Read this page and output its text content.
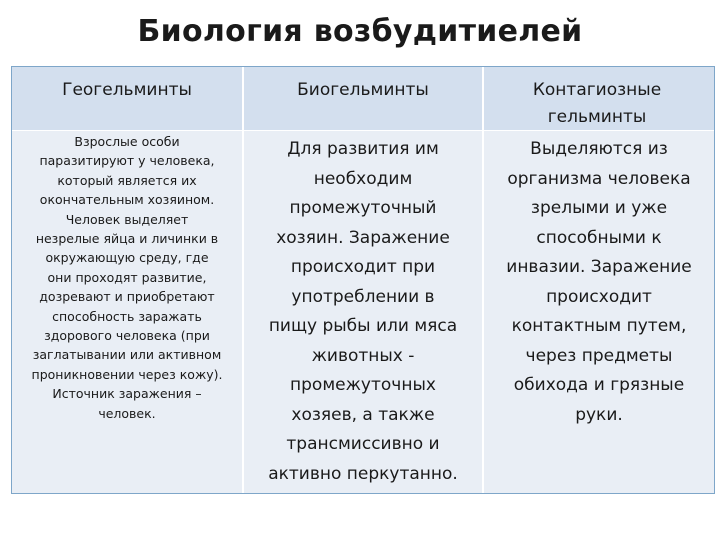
Биология возбудитиелей
Геогельминты	Биогельминты	Контагиозные гельминты
Взрослые особи
паразитируют у человека,
который является их
окончательным хозяином.
Человек выделяет
незрелые яйца и личинки в
окружающую среду, где
они проходят развитие,
дозревают и приобретают
способность заражать
здорового человека (при
заглатывании или активном
проникновении через кожу).
Источник заражения –
человек.
Для развития им
необходим
промежуточный
хозяин. Заражение
происходит при
употреблении в
пищу рыбы или мяса
животных -
промежуточных
хозяев, а также
трансмиссивно и
активно перкутанно.
Выделяются из
организма человека
зрелыми и уже
способными к
инвазии. Заражение
происходит
контактным путем,
через предметы
обихода и грязные
руки.
